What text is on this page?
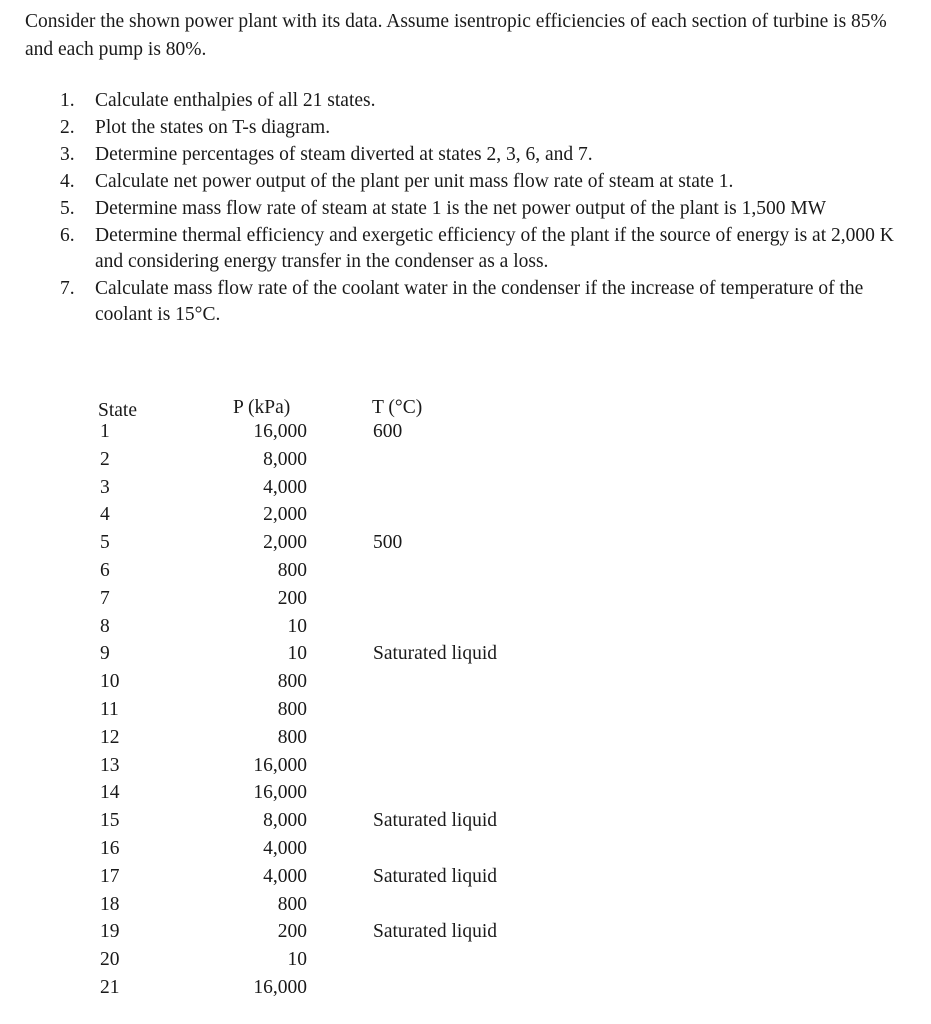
Consider the shown power plant with its data. Assume isentropic efficiencies of each section of turbine is 85% and each pump is 80%.

1.	Calculate enthalpies of all 21 states.
2.	Plot the states on T-s diagram.
3.	Determine percentages of steam diverted at states 2, 3, 6, and 7.
4.	Calculate net power output of the plant per unit mass flow rate of steam at state 1.
5.	Determine mass flow rate of steam at state 1 is the net power output of the plant is 1,500 MW
6.	Determine thermal efficiency and exergetic efficiency of the plant if the source of energy is at 2,000 K and considering energy transfer in the condenser as a loss.
7.	Calculate mass flow rate of the coolant water in the condenser if the increase of temperature of the coolant is 15°C.
State	P (kPa)	T (°C)
1	16,000	600
2	8,000
3	4,000
4	2,000
5	2,000	500
6	800
7	200
8	10
9	10	Saturated liquid
10	800
11	800
12	800
13	16,000
14	16,000
15	8,000	Saturated liquid
16	4,000
17	4,000	Saturated liquid
18	800
19	200	Saturated liquid
20	10
21	16,000
